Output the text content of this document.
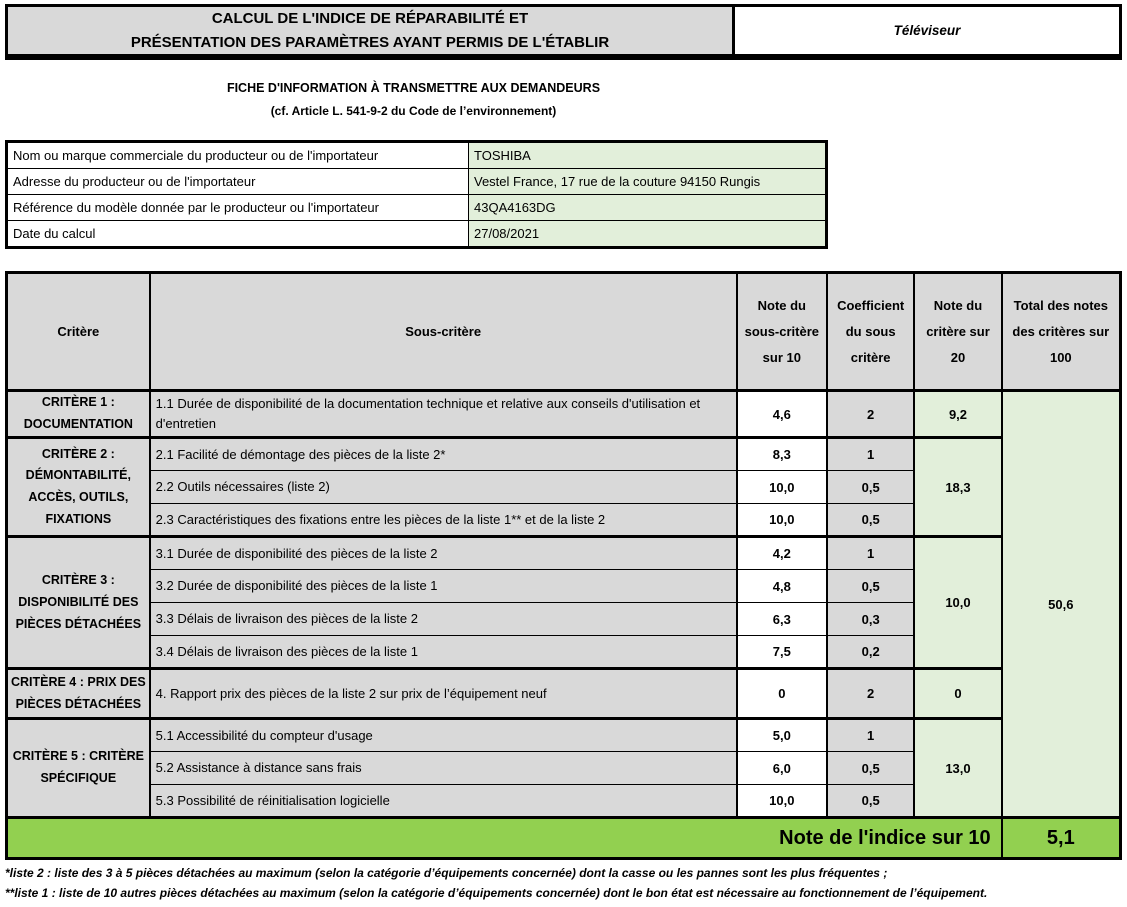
CALCUL DE L'INDICE DE RÉPARABILITÉ ET
PRÉSENTATION DES PARAMÈTRES AYANT PERMIS DE L'ÉTABLIR
Téléviseur
FICHE D'INFORMATION À TRANSMETTRE AUX DEMANDEURS
(cf. Article L. 541-9-2 du Code de l’environnement)
Nom ou marque commerciale du producteur ou de l'importateur	TOSHIBA
Adresse du producteur ou de l'importateur	Vestel France, 17 rue de la couture 94150 Rungis
Référence du modèle donnée par le producteur ou l'importateur	43QA4163DG
Date du calcul	27/08/2021
Critère	Sous-critère	Note du sous-critère sur 10	Coefficient du sous critère	Note du critère sur 20	Total des notes des critères sur 100
CRITÈRE 1 : DOCUMENTATION	1.1 Durée de disponibilité de la documentation technique et relative aux conseils d'utilisation et d'entretien	4,6	2	9,2	50,6
CRITÈRE 2 : DÉMONTABILITÉ, ACCÈS, OUTILS, FIXATIONS	2.1 Facilité de démontage des pièces de la liste 2*	8,3	1	18,3	
	2.2 Outils nécessaires (liste 2)	10,0	0,5		
	2.3 Caractéristiques des fixations entre les pièces de la liste 1** et de la liste 2	10,0	0,5		
CRITÈRE 3 : DISPONIBILITÉ DES PIÈCES DÉTACHÉES	3.1 Durée de disponibilité des pièces de la liste 2	4,2	1	10,0	
	3.2 Durée de disponibilité des pièces de la liste 1	4,8	0,5		
	3.3 Délais de livraison des pièces de la liste 2	6,3	0,3		
	3.4 Délais de livraison des pièces de la liste 1	7,5	0,2		
CRITÈRE 4 : PRIX DES PIÈCES DÉTACHÉES	4. Rapport prix des pièces de la liste 2 sur prix de l’équipement neuf	0	2	0	
CRITÈRE 5 : CRITÈRE SPÉCIFIQUE	5.1 Accessibilité du compteur d'usage	5,0	1	13,0	
	5.2 Assistance à distance sans frais	6,0	0,5		
	5.3 Possibilité de réinitialisation logicielle	10,0	0,5		
Note de l'indice sur 10					5,1
*liste 2 : liste des 3 à 5 pièces détachées au maximum (selon la catégorie d’équipements concernée) dont la casse ou les pannes sont les plus fréquentes ;
**liste 1 : liste de 10 autres pièces détachées au maximum (selon la catégorie d’équipements concernée) dont le bon état est nécessaire au fonctionnement de l’équipement.
